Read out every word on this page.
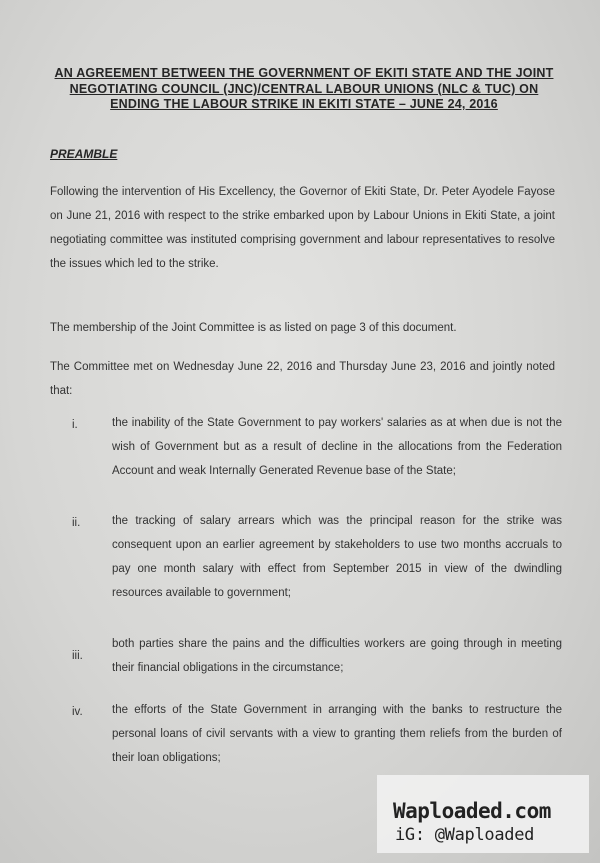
AN AGREEMENT BETWEEN THE GOVERNMENT OF EKITI STATE AND THE JOINT NEGOTIATING COUNCIL (JNC)/CENTRAL LABOUR UNIONS (NLC & TUC) ON ENDING THE LABOUR STRIKE IN EKITI STATE – JUNE 24, 2016
PREAMBLE
Following the intervention of His Excellency, the Governor of Ekiti State, Dr. Peter Ayodele Fayose on June 21, 2016 with respect to the strike embarked upon by Labour Unions in Ekiti State, a joint negotiating committee was instituted comprising government and labour representatives to resolve the issues which led to the strike.
The membership of the Joint Committee is as listed on page 3 of this document.
The Committee met on Wednesday June 22, 2016 and Thursday June 23, 2016 and jointly noted that:
i.	the inability of the State Government to pay workers' salaries as at when due is not the wish of Government but as a result of decline in the allocations from the Federation Account and weak Internally Generated Revenue base of the State;
ii.	the tracking of salary arrears which was the principal reason for the strike was consequent upon an earlier agreement by stakeholders to use two months accruals to pay one month salary with effect from September 2015 in view of the dwindling resources available to government;
iii.
both parties share the pains and the difficulties workers are going through in meeting their financial obligations in the circumstance;
iv.	the efforts of the State Government in arranging with the banks to restructure the personal loans of civil servants with a view to granting them reliefs from the burden of their loan obligations;
Waploaded.com
iG: @Waploaded
